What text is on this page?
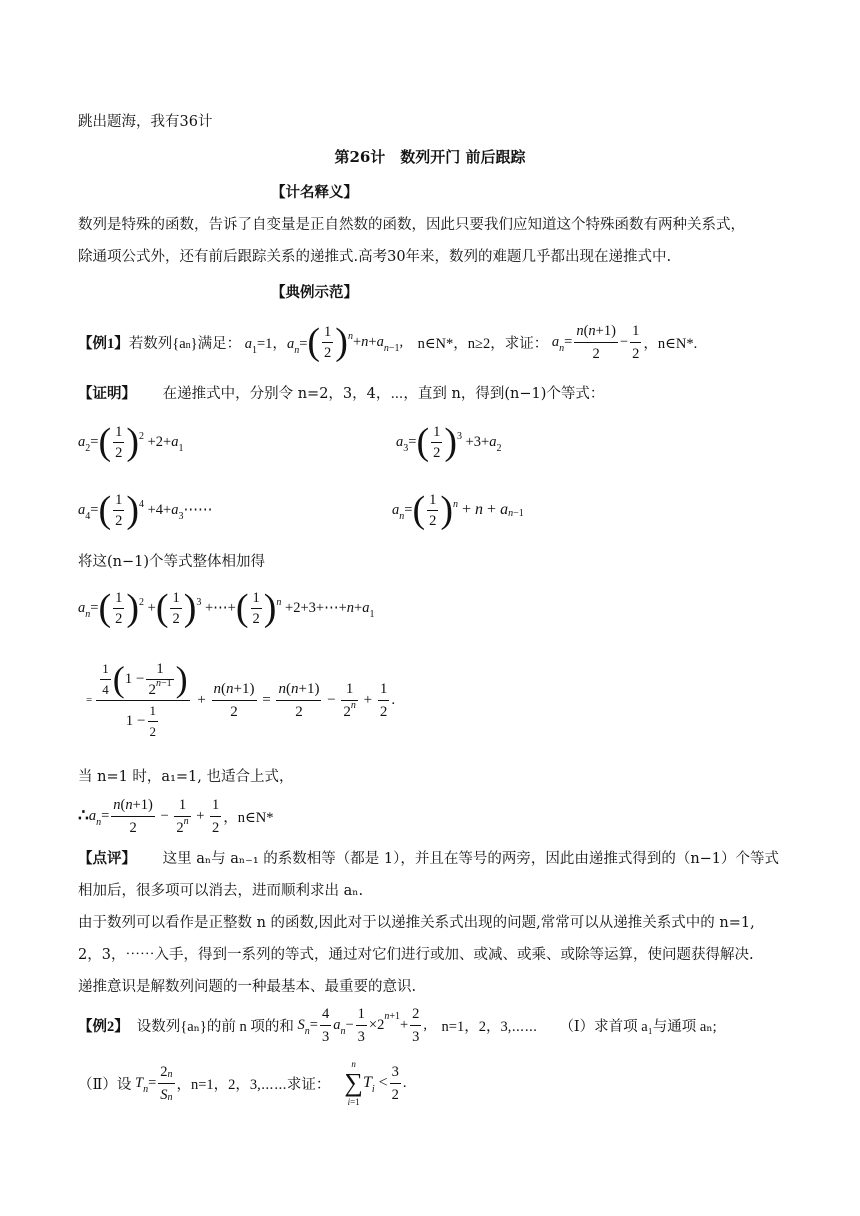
跳出题海，我有36计
第26计　数列开门 前后跟踪
【计名释义】
数列是特殊的函数，告诉了自变量是正自然数的函数，因此只要我们应知道这个特殊函数有两种关系式，
除通项公式外，还有前后跟踪关系的递推式.高考30年来，数列的难题几乎都出现在递推式中.
【典例示范】
【例1】 若数列{a n }满足： $a_1=1$，$a_n=$ ( $\frac{1}{2}$ ) $n +n+a_{n-1}$, n∈N*，n≥2，求证： $a_n= \frac{n(n+1)}{2} - \frac{1}{2}$ ，n∈N*.
【证明】 在递推式中，分别令 n=2，3，4，⋯，直到 n，得到(n−1)个等式：
$a_2=$ ( $\frac{1}{2}$ ) $2 +2+a_1$	$a_3=$ ( $\frac{1}{2}$ ) $3 +3+a_2$
$a_4=$ ( $\frac{1}{2}$ ) $4 +4+a_3\cdots\cdots$	$a_n=$ ( $\frac{1}{2}$ ) n + n + a n−1
将这(n−1)个等式整体相加得
$a_n=$ ( $\frac{1}{2}$ ) 2 + ( $\frac{1}{2}$ ) 3 +⋯+ ( $\frac{1}{2}$ ) $n +2+3+\cdots+n+a_1$
= $\frac{\frac{1}{4} ( 1 - \frac{1}{2^{n-1}} )}{1 - \frac{1}{2}} + \frac{n(n+1)}{2} = \frac{n(n+1)}{2} - \frac{1}{2^n} + \frac{1}{2}$ .
当 n=1 时，a₁=1, 也适合上式，
∴ $a_n= \frac{n(n+1)}{2} - \frac{1}{2^n} + \frac{1}{2}$ ，n∈N*
【点评】 这里 aₙ与 aₙ₋₁ 的系数相等（都是 1），并且在等号的两旁，因此由递推式得到的（n−1）个等式
相加后，很多项可以消去，进而顺利求出 aₙ.
由于数列可以看作是正整数 n 的函数,因此对于以递推关系式出现的问题,常常可以从递推关系式中的 n=1,
2，3，⋯⋯入手，得到一系列的等式，通过对它们进行或加、或减、或乘、或除等运算，使问题获得解决.
递推意识是解数列问题的一种最基本、最重要的意识.
【例2】 设数列{aₙ}的前 n 项的和 $S_n= \frac{4}{3} a_n- \frac{1}{3} \times 2^{n+1}+ \frac{2}{3}$ , n=1，2，3,⋯⋯ （Ⅰ）求首项 a₁与通项 aₙ;
（Ⅱ）设 $T_n= \frac{2_n}{S_n}$ ，n=1，2，3,⋯⋯求证：
n
∑
i=1
$Ti < \frac{3}{2}$ .
